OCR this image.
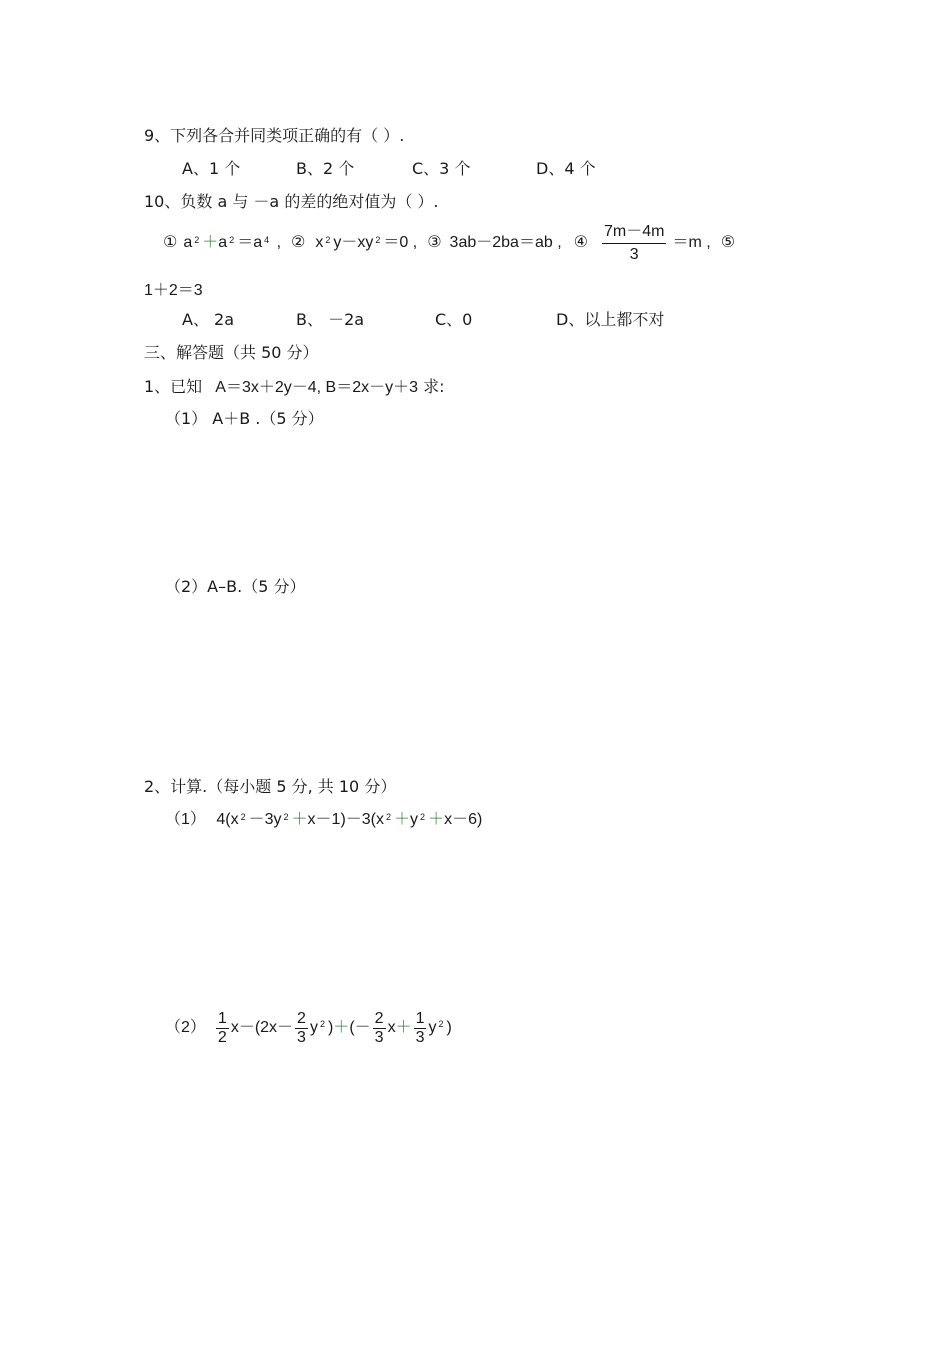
9、下列各合并同类项正确的有（ ）.
A、1 个	B、2 个	C、3 个	D、4 个
10、负数 a 与 －a 的差的绝对值为（ ）.
① a $^2$ ＋a $^2$ ＝a $^4$ , ② x $^2$ y－xy $^2$ ＝0 , ③ 3ab－2ba＝ab , ④ $\frac{7m-4m}{3} =m$ , ⑤
1＋2＝3
A、 2a	B、 －2a	C、0	D、以上都不对
三、解答题（共 50 分）
1、已知 A＝3x＋2y－4, B＝2x－y＋3 求:
（1） A＋B .（5 分）
（2）A–B.（5 分）
2、计算.（每小题 5 分, 共 10 分）
（1） 4(x $^2$ －3y $^2$ ＋x－1)－3(x $^2$ ＋y $^2$ ＋x－6)
$(2) \frac{1}{2} x-(2x- \frac{2}{3} y^2$ ) ＋ (－ $\frac{2}{3}$ $x + \frac{1}{3} y^2$ )
